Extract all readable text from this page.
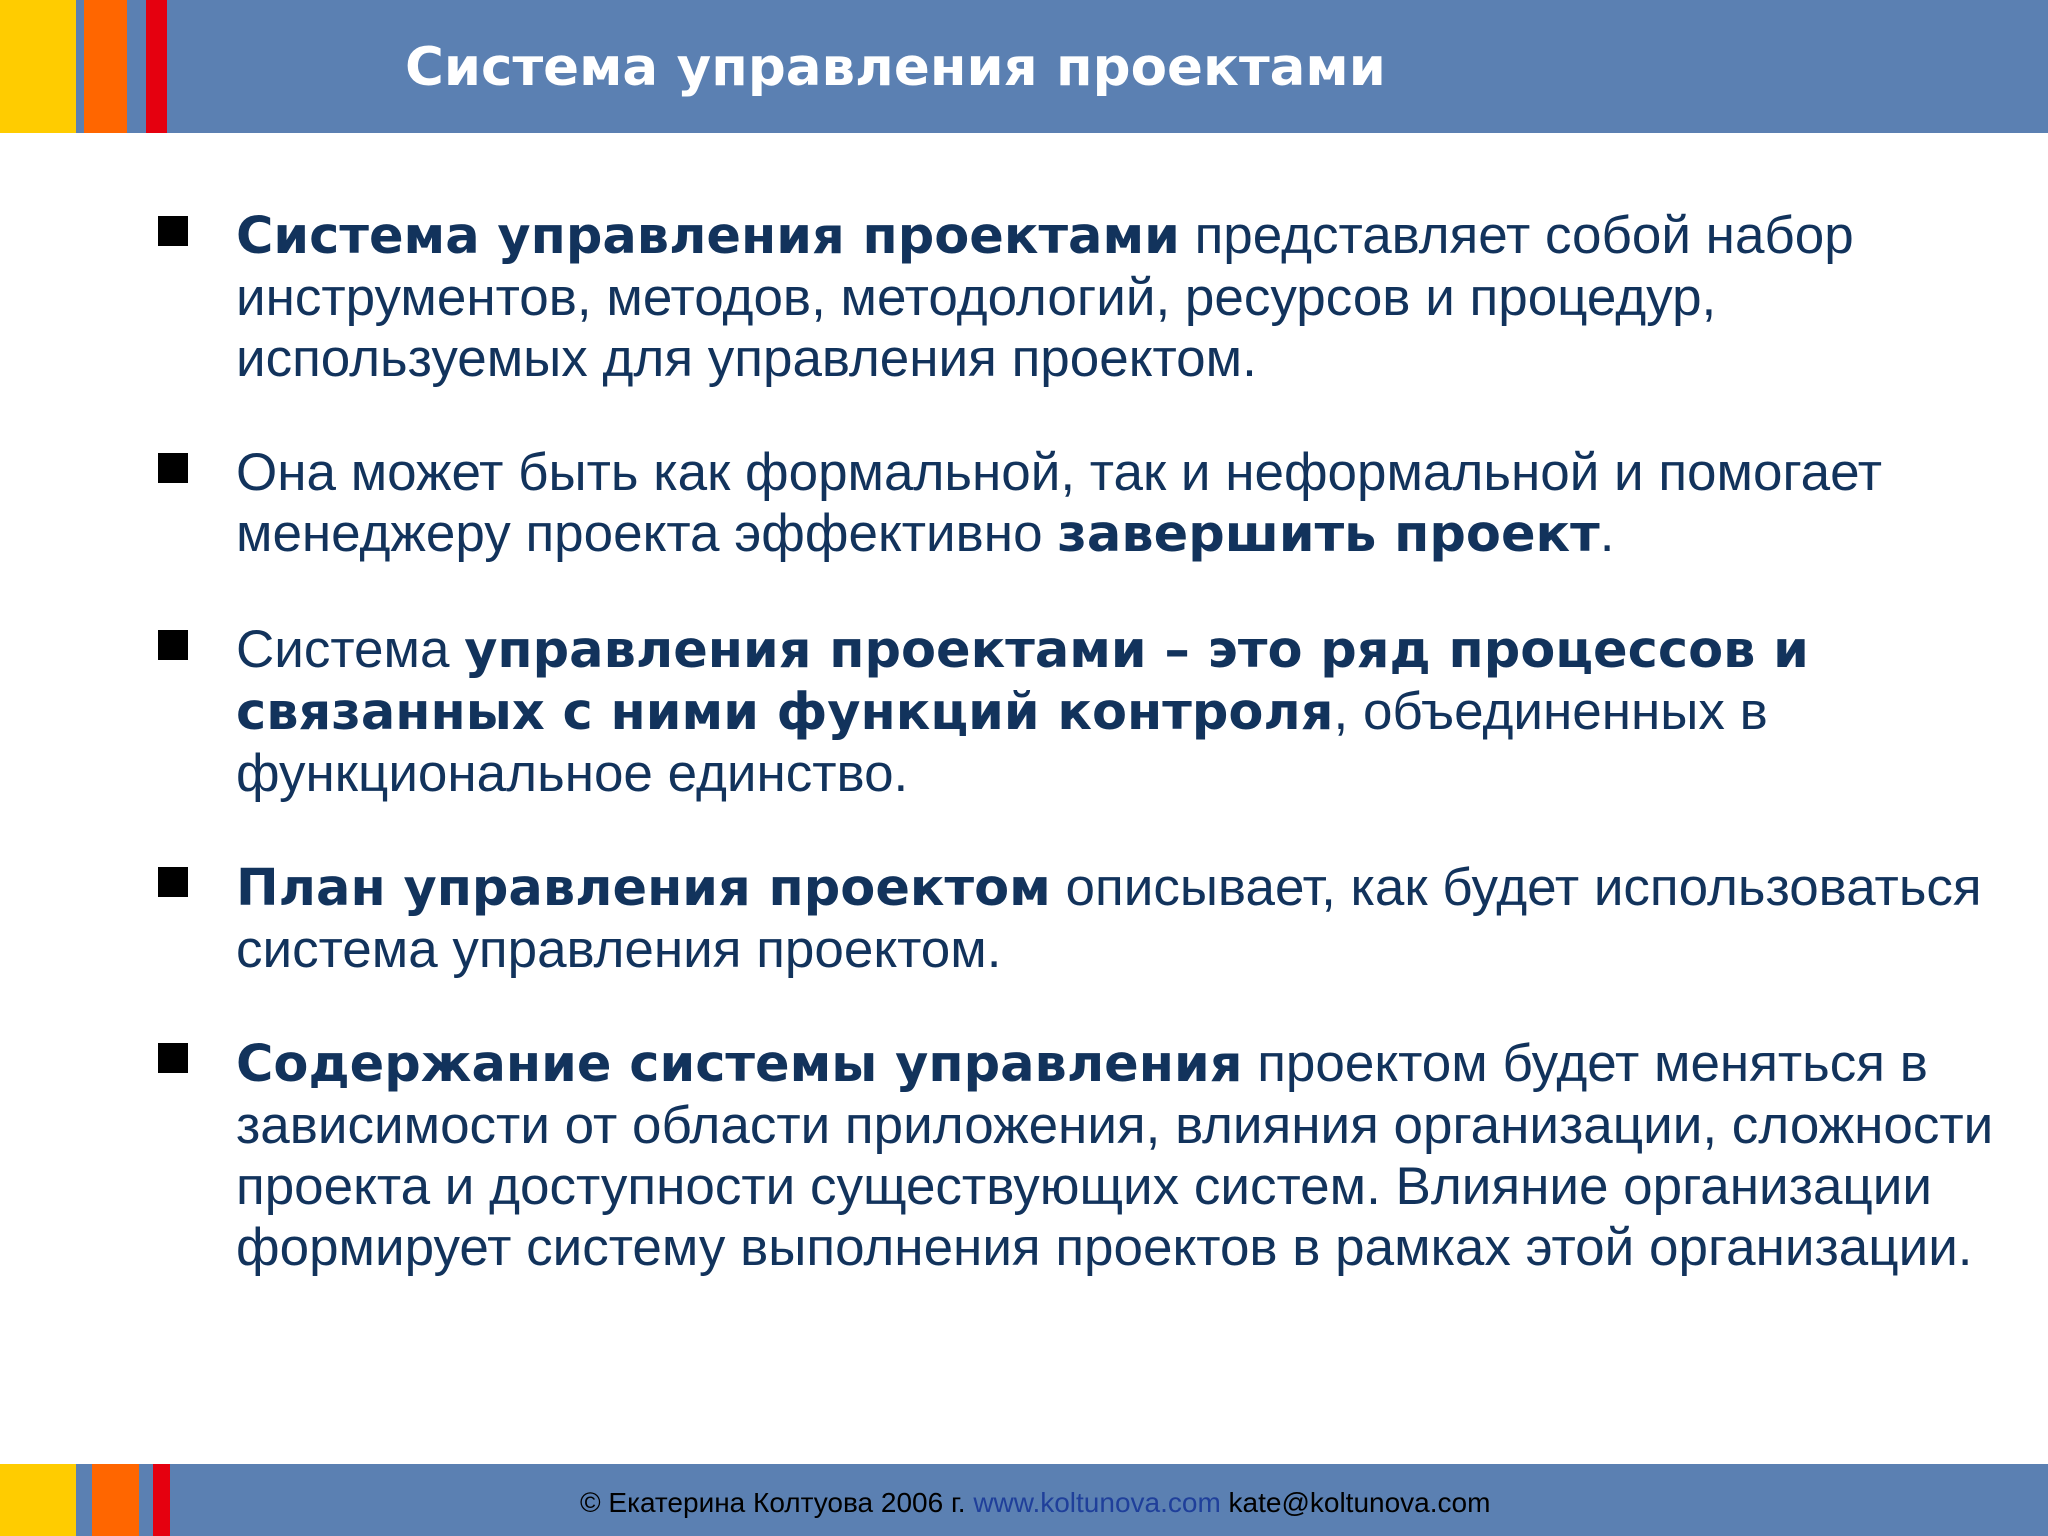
Система управления проектами

Система управления проектами представляет собой набор инструментов, методов, методологий, ресурсов и процедур, используемых для управления проектом.

Она может быть как формальной, так и неформальной и помогает менеджеру проекта эффективно завершить проект.

Система управления проектами – это ряд процессов и связанных с ними функций контроля, объединенных в функциональное единство.

План управления проектом описывает, как будет использоваться система управления проектом.

Содержание системы управления проектом будет меняться в зависимости от области приложения, влияния организации, сложности проекта и доступности существующих систем. Влияние организации формирует систему выполнения проектов в рамках этой организации.

© Екатерина Колтуова 2006 г. www.koltunova.com kate@koltunova.com
